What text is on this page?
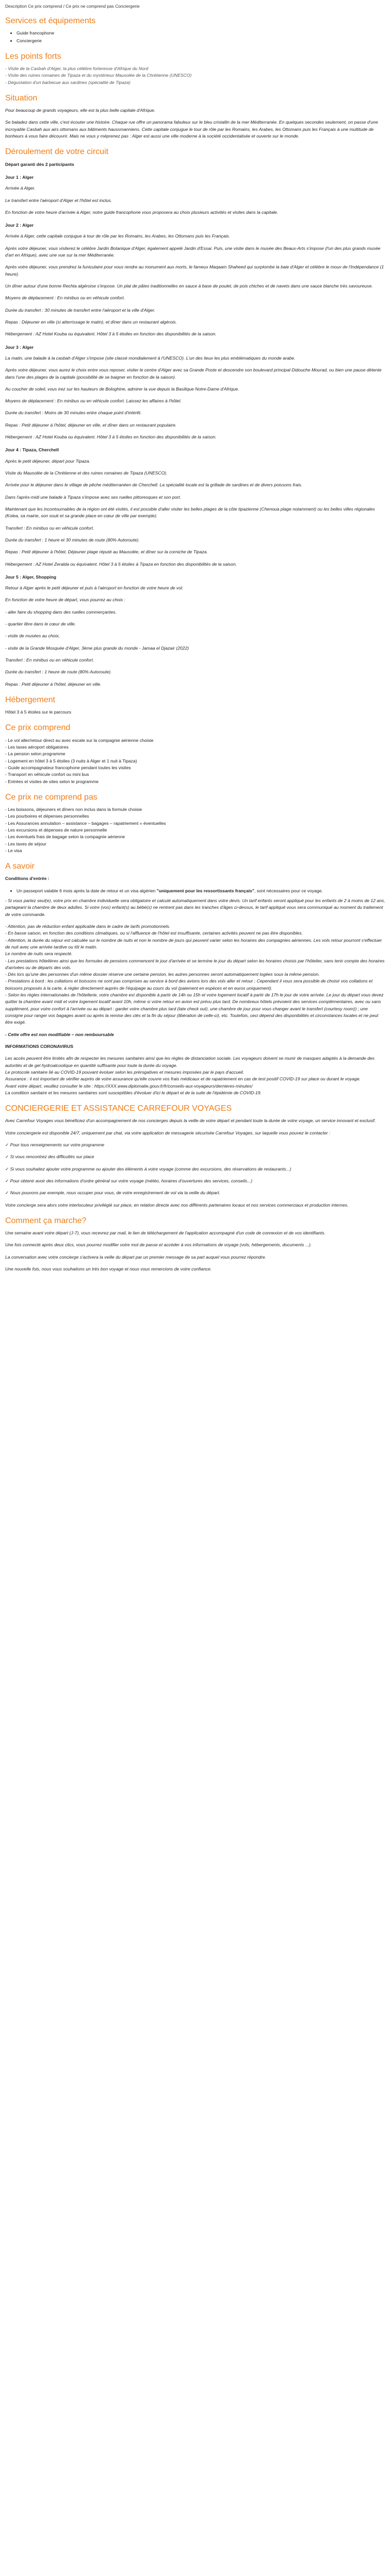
Description Ce prix comprend / Ce prix ne comprend pas Conciergerie
Services et équipements
• Guide francophone
• Conciergerie
Les points forts
- Visite de la Casbah d'Alger, la plus célèbre forteresse d'Afrique du Nord
- Visite des ruines romaines de Tipaza et du mystérieux Mausolée de la Chrétienne (UNESCO)
- Dégustation d'un barbecue aux sardines (spécialité de Tipaza)
Situation

Pour beaucoup de grands voyageurs, elle est la plus belle capitale d'Afrique.

Se baladez dans cette ville, c'est écouter une histoire. Chaque rue offre un panorama fabuleux sur le bleu cristallin de la mer Méditerranée. En quelques secondes seulement, on passe d'une incroyable Casbah aux airs ottomans aux bâtiments haussmanniens. Cette capitale conjugue le tour de rôle par les Romains, les Arabes, les Ottomans puis les Français à une multitude de bonheurs à vous faire découvrir. Mais ne vous y méprenez pas : Alger est aussi une ville moderne à la société occidentalisée et ouverte sur le monde.

Déroulement de votre circuit

Départ garanti dès 2 participants

Jour 1 : Alger

Arrivée à Alger.

Le transfert entre l'aéroport d'Alger et l'hôtel est inclus.

En fonction de votre heure d'arrivée à Alger, notre guide francophone vous proposera au choix plusieurs activités et visites dans la capitale.

Jour 2 : Alger

Arrivée à Alger, cette capitale conjugue à tour de rôle par les Romains, les Arabes, les Ottomans puis les Français.

Après votre déjeuner, vous visiterez le célèbre Jardin Botanique d'Alger, également appelé Jardin d'Essai. Puis, une visite dans le musée des Beaux-Arts s'impose (l'un des plus grands musée d'art en Afrique), avec une vue sur la mer Méditerranée.

Après votre déjeuner, vous prendrez la funiculaire pour vous rendre au monument aux morts, le fameux Maqaam Shaheed qui surplombe la baie d'Alger et célèbre le mouv de l'Indépendance (1 heure).

Un dîner autour d'une bonne Rechta algéroise s'impose. Un plat de pâtes traditionnelles en sauce à base de poulet, de pois chiches et de navets dans une sauce blanche très savoureuse.

Moyens de déplacement : En minibus ou en véhicule confort.

Durée du transfert : 30 minutes de transfert entre l'aéroport et la ville d'Alger.

Repas : Déjeuner en ville (si atterrissage le matin), et dîner dans un restaurant algérois.

Hébergement : AZ Hotel Kouba ou équivalent. Hôtel 3 à 5 étoiles en fonction des disponibilités de la saison.

Jour 3 : Alger

La matin, une balade à la casbah d'Alger s'impose (site classé mondialement à l'UNESCO). L'un des lieux les plus emblématiques du monde arabe.

Après votre déjeuner, vous aurez le choix entre vous reposer, visiter le centre d'Alger avec sa Grande Poste et descendre son boulevard principal Didouche Mourad, ou bien une pause détente dans l'une des plages de la capitale (possibilité de se baigner en fonction de la saison).

Au coucher de soleil, vous irez sur les hauteurs de Bologhine, admirer la vue depuis la Basilique Notre-Dame d'Afrique.

Moyens de déplacement : En minibus ou en véhicule confort. Laissez les affaires à l'hôtel.

Durée du transfert : Moins de 30 minutes entre chaque point d'intérêt.

Repas : Petit déjeuner à l'hôtel, déjeuner en ville, et dîner dans un restaurant populaire.

Hébergement : AZ Hotel Kouba ou équivalent. Hôtel 3 à 5 étoiles en fonction des disponibilités de la saison.

Jour 4 : Tipaza, Cherchell

Après le petit déjeuner, départ pour Tipaza.

Visite du Mausolée de la Chrétienne et des ruines romaines de Tipaza (UNESCO).

Arrivée pour le déjeuner dans le village de pêche méditerranéen de Cherchell. La spécialité locale est la grillade de sardines et de divers poissons frais.

Dans l'après-midi une balade à Tipaza s'impose avec ses ruelles pittoresques et son port.

Maintenant que les incontournables de la région ont été visités, il est possible d'aller visiter les belles plages de la côte tipazienne (Chenoua plage notamment) ou les belles villes régionales (Kolea, sa mairie, son souk et sa grande place en cœur de ville par exemple).

Transfert : En minibus ou en véhicule confort.

Durée du transfert : 1 heure et 30 minutes de route (80% Autoroute).

Repas : Petit déjeuner à l'hôtel, Déjeuner plage réputé au Mausolée, et dîner sur la corniche de Tipaza.

Hébergement : AZ Hotel Zeralda ou équivalent. Hôtel 3 à 5 étoiles à Tipaza en fonction des disponibilités de la saison.

Jour 5 : Alger, Shopping

Retour à Alger après le petit déjeuner et puis à l'aéroport en fonction de votre heure de vol.

En fonction de votre heure de départ, vous pourrez au choix :

- aller faire du shopping dans des ruelles commerçantes.

- quartier libre dans le cœur de ville.

- visite de musées au choix,

- visite de la Grande Mosquée d'Alger, 3ème plus grande du monde - Jamaa el Djazair (2022)

Transfert : En minibus ou en véhicule confort.

Durée du transfert : 1 heure de route (80% Autoroute).

Repas : Petit déjeuner à l'hôtel, déjeuner en ville.

Hébergement

Hôtel 3 à 5 étoiles sur le parcours

Ce prix comprend
- Le vol aller/retour direct au avec escale sur la compagnie aérienne choisie
- Les taxes aéroport obligatoires
- La pension selon programme
- Logement en hôtel 3 à 5 étoiles (3 nuits à Alger et 1 nuit à Tipaza)
- Guide accompagnateur francophone pendant toutes les visites
- Transport en véhicule confort ou mini bus
- Entrées et visites de sites selon le programme
Ce prix ne comprend pas
- Les boissons, déjeuners et dîners non inclus dans la formule choisie
- Les pourboires et dépenses personnelles
- Les Assurances annulation – assistance – bagages – rapatriement « éventuelles
- Les excursions et dépenses de nature personnelle
- Les éventuels frais de bagage selon la compagnie aérienne
- Les taxes de séjour
- Le visa
A savoir

Conditions d'entrée :

• Un passeport valable 6 mois après la date de retour et un visa algérien "uniquement pour les ressortissants français", sont nécessaires pour ce voyage.

- Si vous partez seul(e), votre prix en chambre individuelle sera obligatoire et calculé automatiquement dans votre devis. Un tarif enfants seront appliqué pour les enfants de 2 à moins de 12 ans, partageant la chambre de deux adultes. Si votre (vos) enfant(s) au bébé(s) ne rentrent pas dans les tranches d'âges ci-dessus, le tarif appliqué vous sera communiqué au moment du traitement de votre commande.

- Attention, pas de réduction enfant applicable dans le cadre de tarifs promotionnels.
- En basse saison, en fonction des conditions climatiques, ou si l'affluence de l'hôtel est insuffisante, certaines activités peuvent ne pas être disponibles.
- Attention, la durée du séjour est calculée sur le nombre de nuits et non le nombre de jours qui peuvent varier selon les horaires des compagnies aériennes. Les vols retour pourront s'effectuer de nuit avec une arrivée tardive ou tôt le matin.
Le nombre de nuits sera respecté.
- Les prestations hôtelières ainsi que les formules de pensions commencent le jour d'arrivée et se termine le jour du départ selon les horaires choisis par l'hôtelier, sans tenir compte des horaires d'arrivées ou de départs des vols.
- Dès lors qu'une des personnes d'un même dossier réserve une certaine pension, les autres personnes seront automatiquement logées sous la même pension.
- Prestations à bord : les collations et boissons ne sont pas comprises au service à bord des avions lors des vols aller et retour ; Cependant il vous sera possible de choisir vos collations et boissons proposés à la carte, à régler directement auprès de l'équipage au cours du vol (paiement en espèces et en euros uniquement).

- Selon les règles internationales de l'hôtellerie, votre chambre est disponible à partir de 14h ou 15h et votre logement locatif à partir de 17h le jour de votre arrivée. Le jour du départ vous devez quitter la chambre avant midi et votre logement locatif avant 10h, même si votre retour en avion est prévu plus tard. De nombreux hôtels prévoient des services complémentaires, avec ou sans supplément, pour votre confort à l'arrivée ou au départ : garder votre chambre plus tard (late check out), une chambre de jour pour vous changer avant le transfert (courtesy room)) ; une consigne pour ranger vos bagages avant ou après la remise des clés et la fin du séjour (libération de celle-ci), etc. Toutefois, ceci dépend des disponibilités et circonstances locales et ne peut être exigé.

- Cette offre est non modifiable – non remboursable

INFORMATIONS CORONAVIRUS

Les accès peuvent être limités afin de respecter les mesures sanitaires ainsi que les règles de distanciation sociale. Les voyageurs doivent se munir de masques adaptés à la demande des autorités et de gel hydroalcoolique en quantité suffisante pour toute la durée du voyage.
Le protocole sanitaire lié au COVID-19 pouvant évoluer selon les prérogatives et mesures imposées par le pays d'accueil.
Assurance : il est important de vérifier auprès de votre assurance qu'elle couvre vos frais médicaux et de rapatriement en cas de test positif COVID-19 sur place ou durant le voyage.
Avant votre départ, veuillez consulter le site : https://XXX.www.diplomatie.gouv.fr/fr/conseils-aux-voyageurs/dernieres-minutes/
La condition sanitaire et les mesures sanitaires sont susceptibles d'évoluer d'ici le départ et de la suite de l'épidémie de COVID-19.
CONCIERGERIE ET ASSISTANCE CARREFOUR VOYAGES

Avec Carrefour Voyages vous bénéficiez d'un accompagnement de nos concierges depuis la veille de votre départ et pendant toute la durée de votre voyage, un service innovant et exclusif.

Votre conciergerie est disponible 24/7, uniquement par chat, via votre application de messagerie sécurisée Carrefour Voyages, sur laquelle vous pouvez le contacter :

✓ Pour tous renseignements sur votre programme

✓ Si vous rencontrez des difficultés sur place

✓ Si vous souhaitez ajouter votre programme ou ajouter des éléments à votre voyage (comme des excursions, des réservations de restaurants...)

✓ Pour obtenir avoir des informations d'ordre général sur votre voyage (météo, horaires d'ouvertures des services, conseils...)

✓ Nous pouvons par exemple, nous occuper pour vous, de votre enregistrement de vol via la veille du départ.

Votre concierge sera alors votre interlocuteur privilégié sur place, en relation directe avec nos différents partenaires locaux et nos services commerciaux et production internes.

Comment ça marche?

Une semaine avant votre départ (J-7), vous recevrez par mail, le lien de téléchargement de l'application accompagné d'un code de connexion et de vos identifiants.

Une fois connecté après deux clics, vous pourrez modifier votre mot de passe et accéder à vos informations de voyage (vols, hébergements, documents ...).

La conversation avec votre concierge s'activera la veille du départ par un premier message de sa part auquel vous pourrez répondre.

Une nouvelle fois, nous vous souhaitons un très bon voyage et nous vous remercions de votre confiance.
